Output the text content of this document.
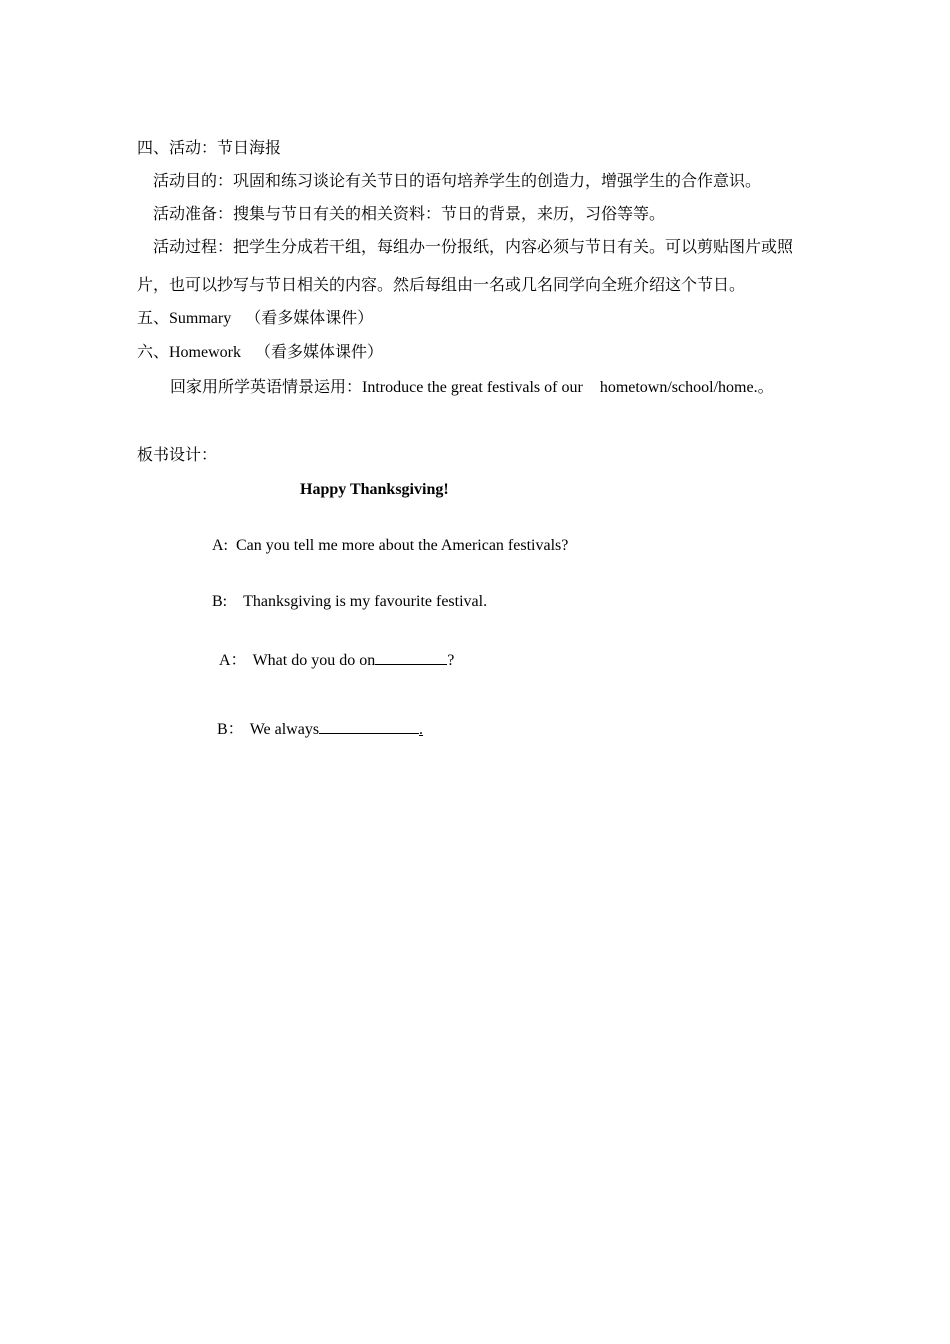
四、活动：节日海报
活动目的：巩固和练习谈论有关节日的语句培养学生的创造力，增强学生的合作意识。
活动准备：搜集与节日有关的相关资料：节日的背景，来历，习俗等等。
活动过程：把学生分成若干组，每组办一份报纸，内容必须与节日有关。可以剪贴图片或照
片，也可以抄写与节日相关的内容。然后每组由一名或几名同学向全班介绍这个节日。
五、Summary （看多媒体课件）
六、Homework （看多媒体课件）
回家用所学英语情景运用：Introduce the great festivals of our hometown/school/home.。
板书设计：
Happy Thanksgiving!
A: Can you tell me more about the American festivals?
B: Thanksgiving is my favourite festival.
A： What do you do on	?
B： We always	.
